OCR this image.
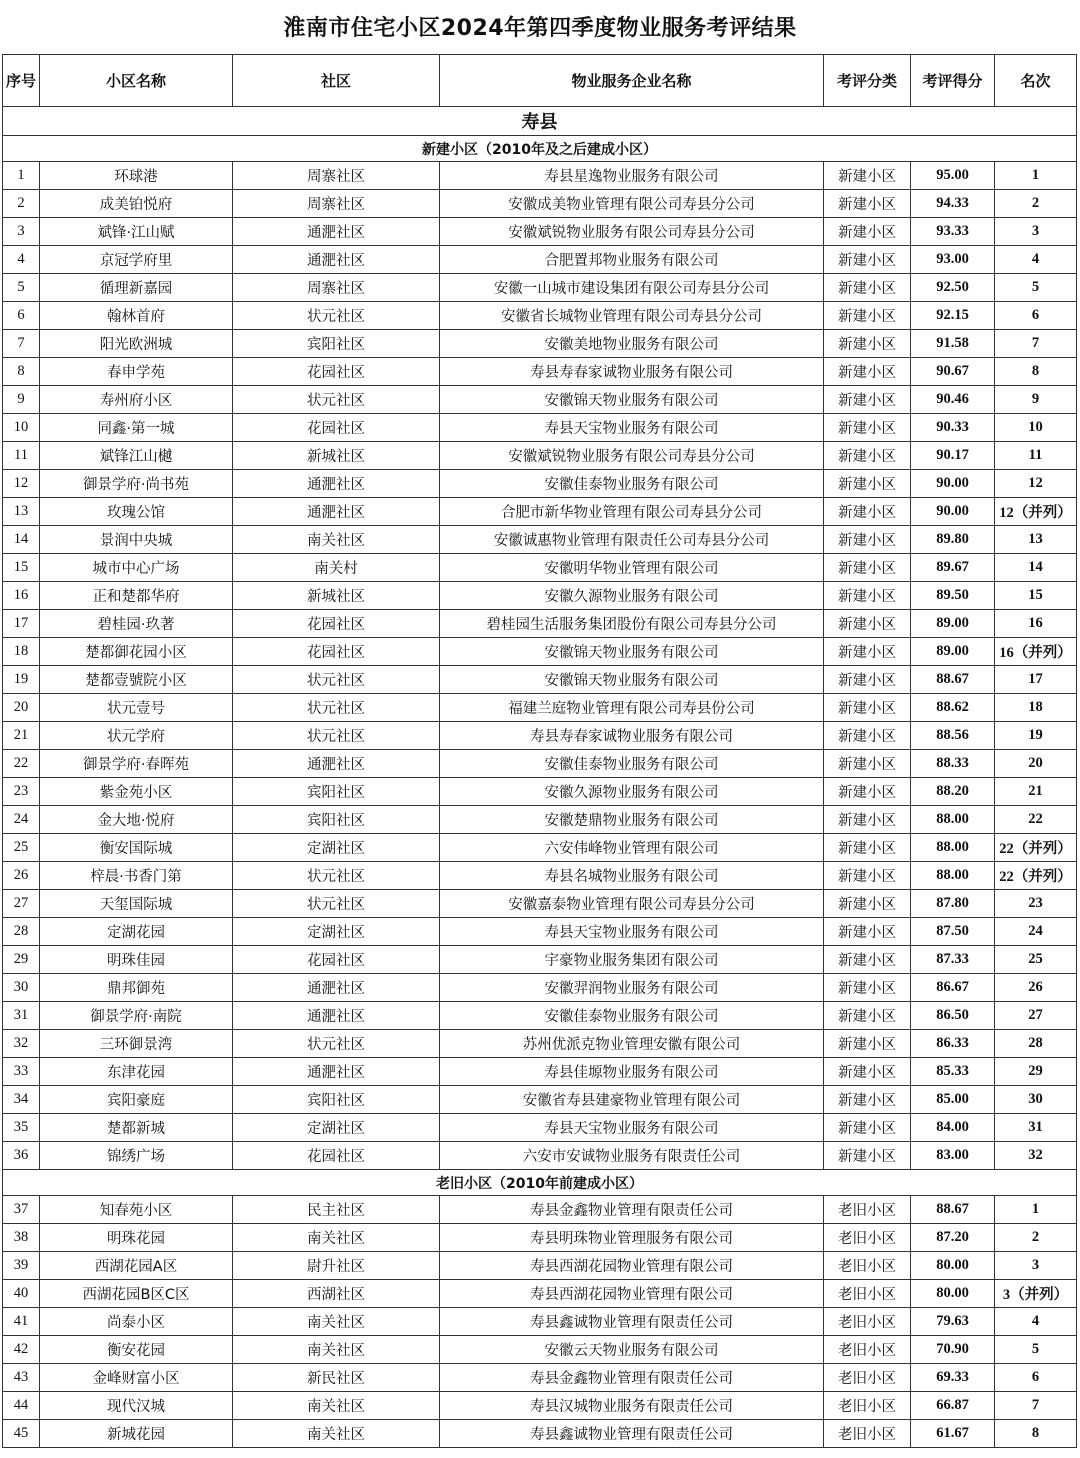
淮南市住宅小区2024年第四季度物业服务考评结果
序号	小区名称	社区	物业服务企业名称	考评分类	考评得分	名次
寿县						
新建小区（2010年及之后建成小区）						
1	环球港	周寨社区	寿县星逸物业服务有限公司	新建小区	95.00	1
2	成美铂悦府	周寨社区	安徽成美物业管理有限公司寿县分公司	新建小区	94.33	2
3	斌锋·江山赋	通淝社区	安徽斌锐物业服务有限公司寿县分公司	新建小区	93.33	3
4	京冠学府里	通淝社区	合肥置邦物业服务有限公司	新建小区	93.00	4
5	循理新嘉园	周寨社区	安徽一山城市建设集团有限公司寿县分公司	新建小区	92.50	5
6	翰林首府	状元社区	安徽省长城物业管理有限公司寿县分公司	新建小区	92.15	6
7	阳光欧洲城	宾阳社区	安徽美地物业服务有限公司	新建小区	91.58	7
8	春申学苑	花园社区	寿县寿春家诚物业服务有限公司	新建小区	90.67	8
9	寿州府小区	状元社区	安徽锦天物业服务有限公司	新建小区	90.46	9
10	同鑫·第一城	花园社区	寿县天宝物业服务有限公司	新建小区	90.33	10
11	斌锋江山樾	新城社区	安徽斌锐物业服务有限公司寿县分公司	新建小区	90.17	11
12	御景学府·尚书苑	通淝社区	安徽佳泰物业服务有限公司	新建小区	90.00	12
13	玫瑰公馆	通淝社区	合肥市新华物业管理有限公司寿县分公司	新建小区	90.00	12（并列）
14	景润中央城	南关社区	安徽诚惠物业管理有限责任公司寿县分公司	新建小区	89.80	13
15	城市中心广场	南关村	安徽明华物业管理有限公司	新建小区	89.67	14
16	正和楚都华府	新城社区	安徽久源物业服务有限公司	新建小区	89.50	15
17	碧桂园·玖著	花园社区	碧桂园生活服务集团股份有限公司寿县分公司	新建小区	89.00	16
18	楚都御花园小区	花园社区	安徽锦天物业服务有限公司	新建小区	89.00	16（并列）
19	楚都壹號院小区	状元社区	安徽锦天物业服务有限公司	新建小区	88.67	17
20	状元壹号	状元社区	福建兰庭物业管理有限公司寿县份公司	新建小区	88.62	18
21	状元学府	状元社区	寿县寿春家诚物业服务有限公司	新建小区	88.56	19
22	御景学府·春晖苑	通淝社区	安徽佳泰物业服务有限公司	新建小区	88.33	20
23	紫金苑小区	宾阳社区	安徽久源物业服务有限公司	新建小区	88.20	21
24	金大地·悦府	宾阳社区	安徽楚鼎物业服务有限公司	新建小区	88.00	22
25	衡安国际城	定湖社区	六安伟峰物业管理有限公司	新建小区	88.00	22（并列）
26	梓晨·书香门第	状元社区	寿县名城物业服务有限公司	新建小区	88.00	22（并列）
27	天玺国际城	状元社区	安徽嘉泰物业管理有限公司寿县分公司	新建小区	87.80	23
28	定湖花园	定湖社区	寿县天宝物业服务有限公司	新建小区	87.50	24
29	明珠佳园	花园社区	宇豪物业服务集团有限公司	新建小区	87.33	25
30	鼎邦御苑	通淝社区	安徽羿润物业服务有限公司	新建小区	86.67	26
31	御景学府·南院	通淝社区	安徽佳泰物业服务有限公司	新建小区	86.50	27
32	三环御景湾	状元社区	苏州优派克物业管理安徽有限公司	新建小区	86.33	28
33	东津花园	通淝社区	寿县佳塬物业服务有限公司	新建小区	85.33	29
34	宾阳豪庭	宾阳社区	安徽省寿县建豪物业管理有限公司	新建小区	85.00	30
35	楚都新城	定湖社区	寿县天宝物业服务有限公司	新建小区	84.00	31
36	锦绣广场	花园社区	六安市安诚物业服务有限责任公司	新建小区	83.00	32
老旧小区（2010年前建成小区）						
37	知春苑小区	民主社区	寿县金鑫物业管理有限责任公司	老旧小区	88.67	1
38	明珠花园	南关社区	寿县明珠物业管理服务有限公司	老旧小区	87.20	2
39	西湖花园A区	尉升社区	寿县西湖花园物业管理有限公司	老旧小区	80.00	3
40	西湖花园B区C区	西湖社区	寿县西湖花园物业管理有限公司	老旧小区	80.00	3（并列）
41	尚泰小区	南关社区	寿县鑫诚物业管理有限责任公司	老旧小区	79.63	4
42	衡安花园	南关社区	安徽云天物业服务有限公司	老旧小区	70.90	5
43	金峰财富小区	新民社区	寿县金鑫物业管理有限责任公司	老旧小区	69.33	6
44	现代汉城	南关社区	寿县汉城物业服务有限责任公司	老旧小区	66.87	7
45	新城花园	南关社区	寿县鑫诚物业管理有限责任公司	老旧小区	61.67	8
